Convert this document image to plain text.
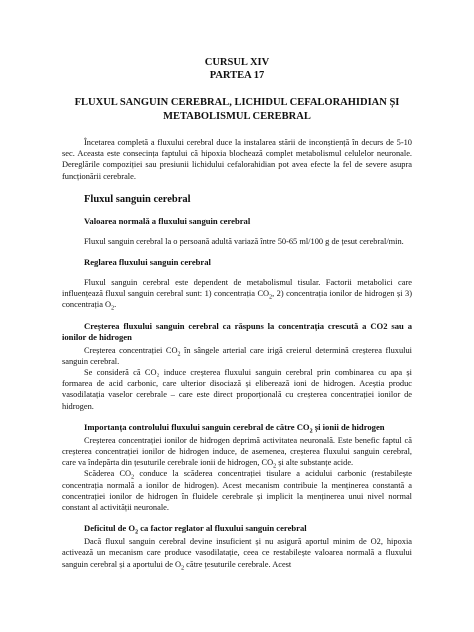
CURSUL XIV
PARTEA 17
FLUXUL SANGUIN CEREBRAL, LICHIDUL CEFALORAHIDIAN ȘI
METABOLISMUL CEREBRAL

Încetarea completă a fluxului cerebral duce la instalarea stării de inconștiență în decurs de 5-10 sec. Aceasta este consecința faptului că hipoxia blochează complet metabolismul celulelor neuronale. Dereglările compoziției sau presiunii lichidului cefalorahidian pot avea efecte la fel de severe asupra funcționării cerebrale.

Fluxul sanguin cerebral
Valoarea normală a fluxului sanguin cerebral

Fluxul sanguin cerebral la o persoană adultă variază între 50-65 ml/100 g de țesut cerebral/min.

Reglarea fluxului sanguin cerebral

Fluxul sanguin cerebral este dependent de metabolismul tisular. Factorii metabolici care influențează fluxul sanguin cerebral sunt: 1) concentrația $CO_2$, 2) concentrația ionilor de hidrogen și 3) concentrația $O_2$.

Creșterea fluxului sanguin cerebral ca răspuns la concentrația crescută a CO2 sau a ionilor de hidrogen

Creșterea concentrației $CO_2$ în sângele arterial care irigă creierul determină creșterea fluxului sanguin cerebral.

Se consideră că CO₂ induce creșterea fluxului sanguin cerebral prin combinarea cu apa și formarea de acid carbonic, care ulterior disociază și eliberează ioni de hidrogen. Aceștia produc vasodilatația vaselor cerebrale – care este direct proporțională cu creșterea concentrației ionilor de hidrogen.

Importanța controlului fluxului sanguin cerebral de către $CO_2$ și ionii de hidrogen

Creșterea concentrației ionilor de hidrogen deprimă activitatea neuronală. Este benefic faptul că creșterea concentrației ionilor de hidrogen induce, de asemenea, creșterea fluxului sanguin cerebral, care va îndepărta din țesuturile cerebrale ionii de hidrogen, $CO_2$ și alte substanțe acide.

Scăderea $CO_2$ conduce la scăderea concentrației tisulare a acidului carbonic (restabilește concentrația normală a ionilor de hidrogen). Acest mecanism contribuie la menținerea constantă a concentrației ionilor de hidrogen în fluidele cerebrale și implicit la menținerea unui nivel normal constant al activității neuronale.

Deficitul de $O_2$ ca factor reglator al fluxului sanguin cerebral

Dacă fluxul sanguin cerebral devine insuficient și nu asigură aportul minim de O2, hipoxia activează un mecanism care produce vasodilatație, ceea ce restabilește valoarea normală a fluxului sanguin cerebral și a aportului de $O_2$ către țesuturile cerebrale. Acest
